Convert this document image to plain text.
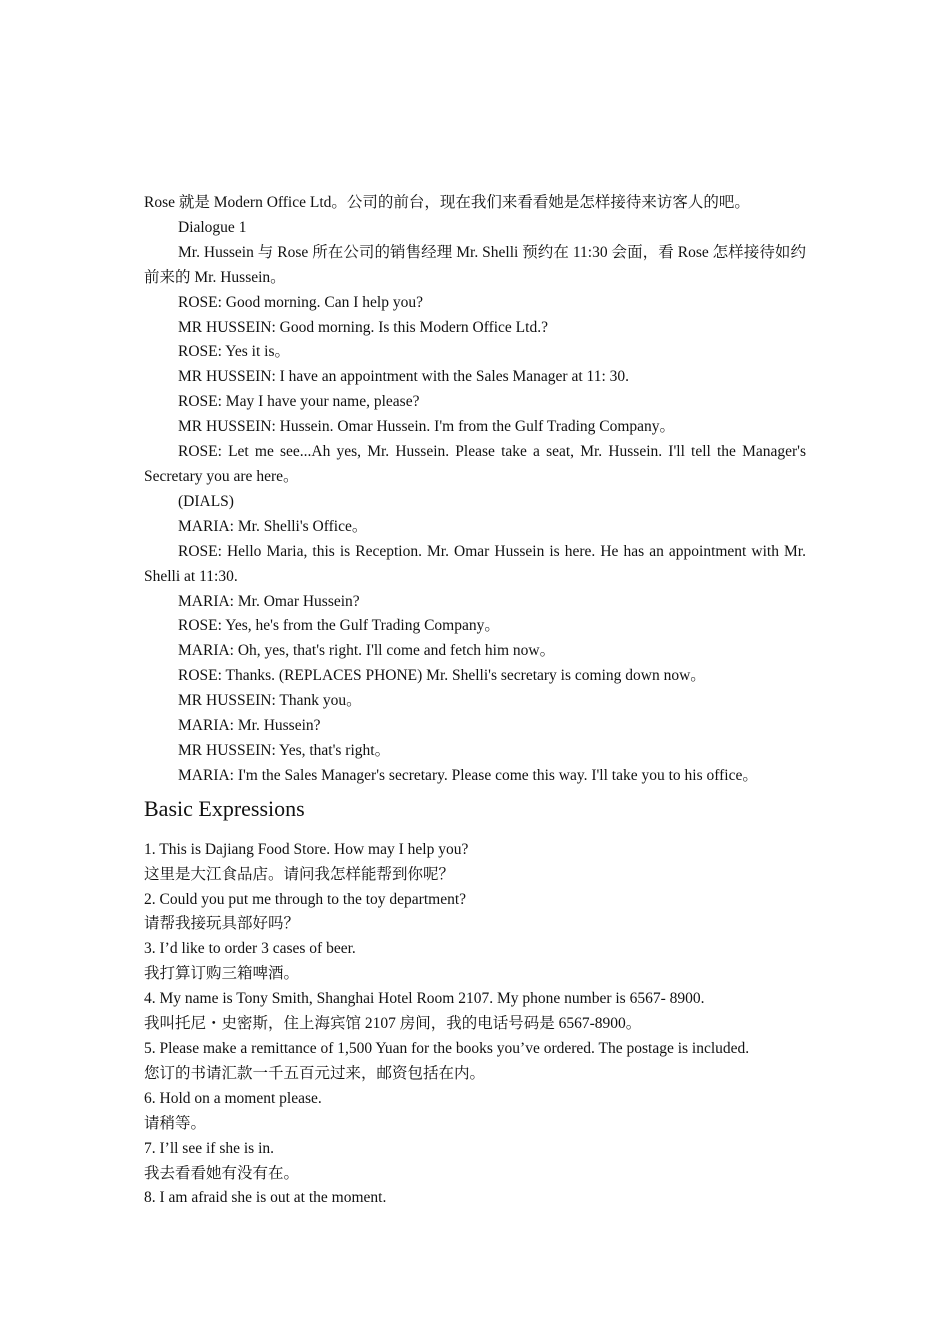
Rose 就是 Modern Office Ltd。公司的前台，现在我们来看看她是怎样接待来访客人的吧。

Dialogue 1

Mr. Hussein 与 Rose 所在公司的销售经理 Mr. Shelli 预约在 11:30 会面，看 Rose 怎样接待如约前来的 Mr. Hussein。

ROSE: Good morning. Can I help you?

MR HUSSEIN: Good morning. Is this Modern Office Ltd.?

ROSE: Yes it is。

MR HUSSEIN: I have an appointment with the Sales Manager at 11: 30.

ROSE: May I have your name, please?

MR HUSSEIN: Hussein. Omar Hussein. I'm from the Gulf Trading Company。

ROSE: Let me see...Ah yes, Mr. Hussein. Please take a seat, Mr. Hussein. I'll tell the Manager's Secretary you are here。

(DIALS)

MARIA: Mr. Shelli's Office。

ROSE: Hello Maria, this is Reception. Mr. Omar Hussein is here. He has an appointment with Mr. Shelli at 11:30.

MARIA: Mr. Omar Hussein?

ROSE: Yes, he's from the Gulf Trading Company。

MARIA: Oh, yes, that's right. I'll come and fetch him now。

ROSE: Thanks. (REPLACES PHONE) Mr. Shelli's secretary is coming down now。

MR HUSSEIN: Thank you。

MARIA: Mr. Hussein?

MR HUSSEIN: Yes, that's right。

MARIA: I'm the Sales Manager's secretary. Please come this way. I'll take you to his office。

Basic Expressions

1. This is Dajiang Food Store. How may I help you?

这里是大江食品店。请问我怎样能帮到你呢？

2. Could you put me through to the toy department?

请帮我接玩具部好吗？

3. I’d like to order 3 cases of beer.

我打算订购三箱啤酒。

4. My name is Tony Smith, Shanghai Hotel Room 2107. My phone number is 6567- 8900.

我叫托尼・史密斯，住上海宾馆 2107 房间，我的电话号码是 6567-8900。

5. Please make a remittance of 1,500 Yuan for the books you’ve ordered. The postage is included.

您订的书请汇款一千五百元过来，邮资包括在内。

6. Hold on a moment please.

请稍等。

7. I’ll see if she is in.

我去看看她有没有在。

8. I am afraid she is out at the moment.
